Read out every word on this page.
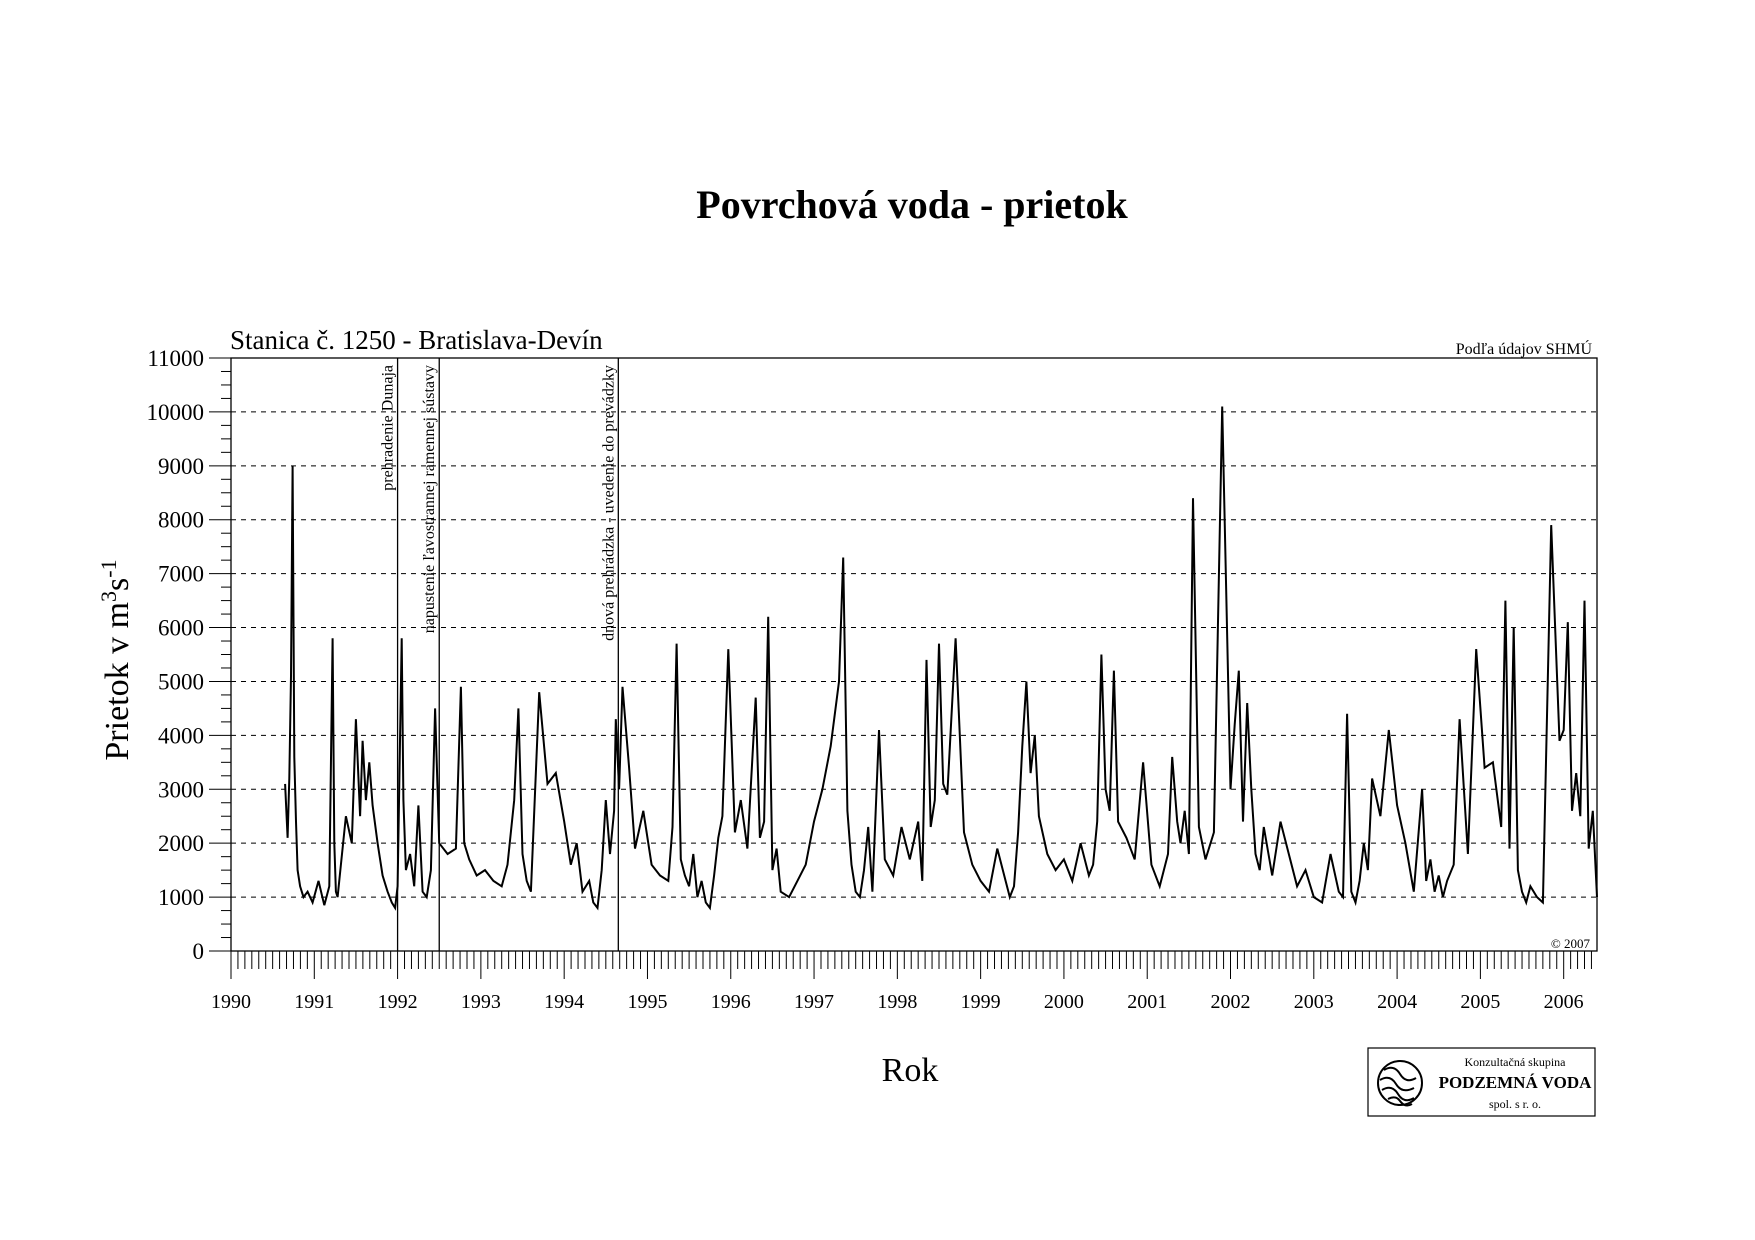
Povrchová voda - prietok
Stanica č. 1250 - Bratislava-Devín	Podľa údajov SHMÚ
prehradenie Dunaja napustenie ľavostrannej ramennej sústavy	dnová prehrádzka - uvedenie do prevádzky
0
1000
2000
3000
4000
5000
6000
7000
8000
9000
10000
11000
1990 1991 1992 1993 1994 1995 1996 1997 1998 1999 2000 2001 2002 2003 2004 2005 2006
Prietok v $m^3s^{-1}$
Rok
© 2007
Konzultačná skupina
PODZEMNÁ VODA
spol. s r. o.
